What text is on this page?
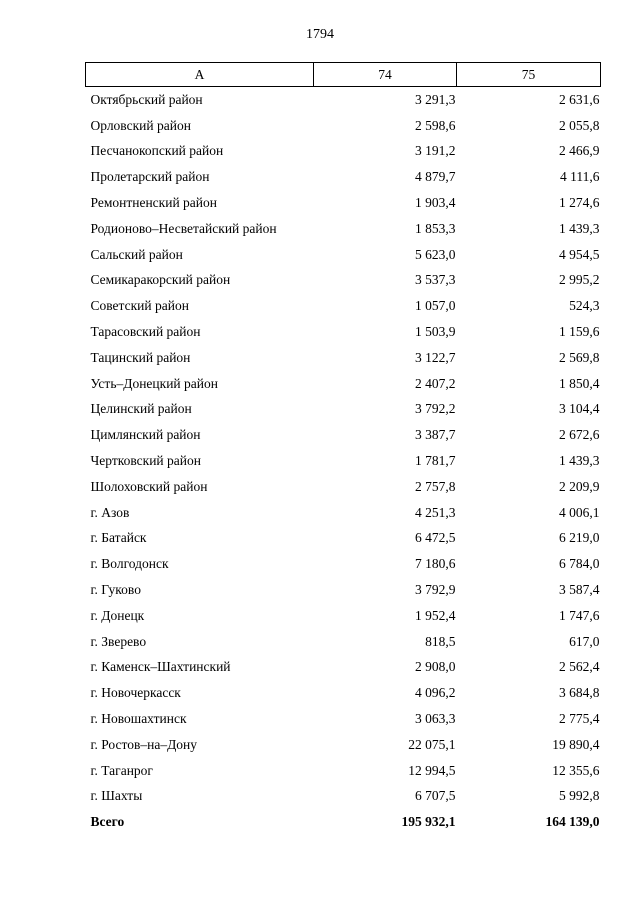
1794
А	74	75
Октябрьский район	3 291,3	2 631,6
Орловский район	2 598,6	2 055,8
Песчанокопский район	3 191,2	2 466,9
Пролетарский район	4 879,7	4 111,6
Ремонтненский район	1 903,4	1 274,6
Родионово–Несветайский район	1 853,3	1 439,3
Сальский район	5 623,0	4 954,5
Семикаракорский район	3 537,3	2 995,2
Советский район	1 057,0	524,3
Тарасовский район	1 503,9	1 159,6
Тацинский район	3 122,7	2 569,8
Усть–Донецкий район	2 407,2	1 850,4
Целинский район	3 792,2	3 104,4
Цимлянский район	3 387,7	2 672,6
Чертковский район	1 781,7	1 439,3
Шолоховский район	2 757,8	2 209,9
г. Азов	4 251,3	4 006,1
г. Батайск	6 472,5	6 219,0
г. Волгодонск	7 180,6	6 784,0
г. Гуково	3 792,9	3 587,4
г. Донецк	1 952,4	1 747,6
г. Зверево	818,5	617,0
г. Каменск–Шахтинский	2 908,0	2 562,4
г. Новочеркасск	4 096,2	3 684,8
г. Новошахтинск	3 063,3	2 775,4
г. Ростов–на–Дону	22 075,1	19 890,4
г. Таганрог	12 994,5	12 355,6
г. Шахты	6 707,5	5 992,8
Всего	195 932,1	164 139,0
